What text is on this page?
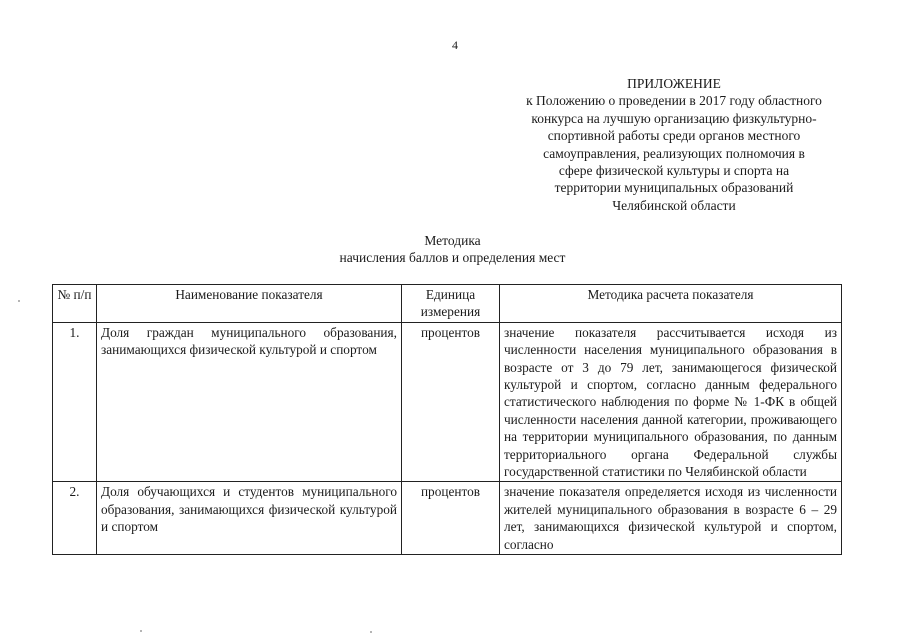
4
ПРИЛОЖЕНИЕ
к Положению о проведении в 2017 году областного
конкурса на лучшую организацию физкультурно-
спортивной работы среди органов местного
самоуправления, реализующих полномочия в
сфере физической культуры и спорта на
территории муниципальных образований
Челябинской области
Методика
начисления баллов и определения мест
№ п/п	Наименование показателя	Единица измерения	Методика расчета показателя
1.	Доля граждан муниципального образования, занимающихся физической культурой и спортом	процентов	значение показателя рассчитывается исходя из численности населения муниципального образования в возрасте от 3 до 79 лет, занимающегося физической культурой и спортом, согласно данным федерального статистического наблюдения по форме № 1-ФК в общей численности населения данной категории, проживающего на территории муниципального образования, по данным территориального органа Федеральной службы государственной статистики по Челябинской области
2.	Доля обучающихся и студентов муниципального образования, занимающихся физической культурой и спортом	процентов	значение показателя определяется исходя из численности жителей муниципального образования в возрасте 6 – 29 лет, занимающихся физической культурой и спортом, согласно
